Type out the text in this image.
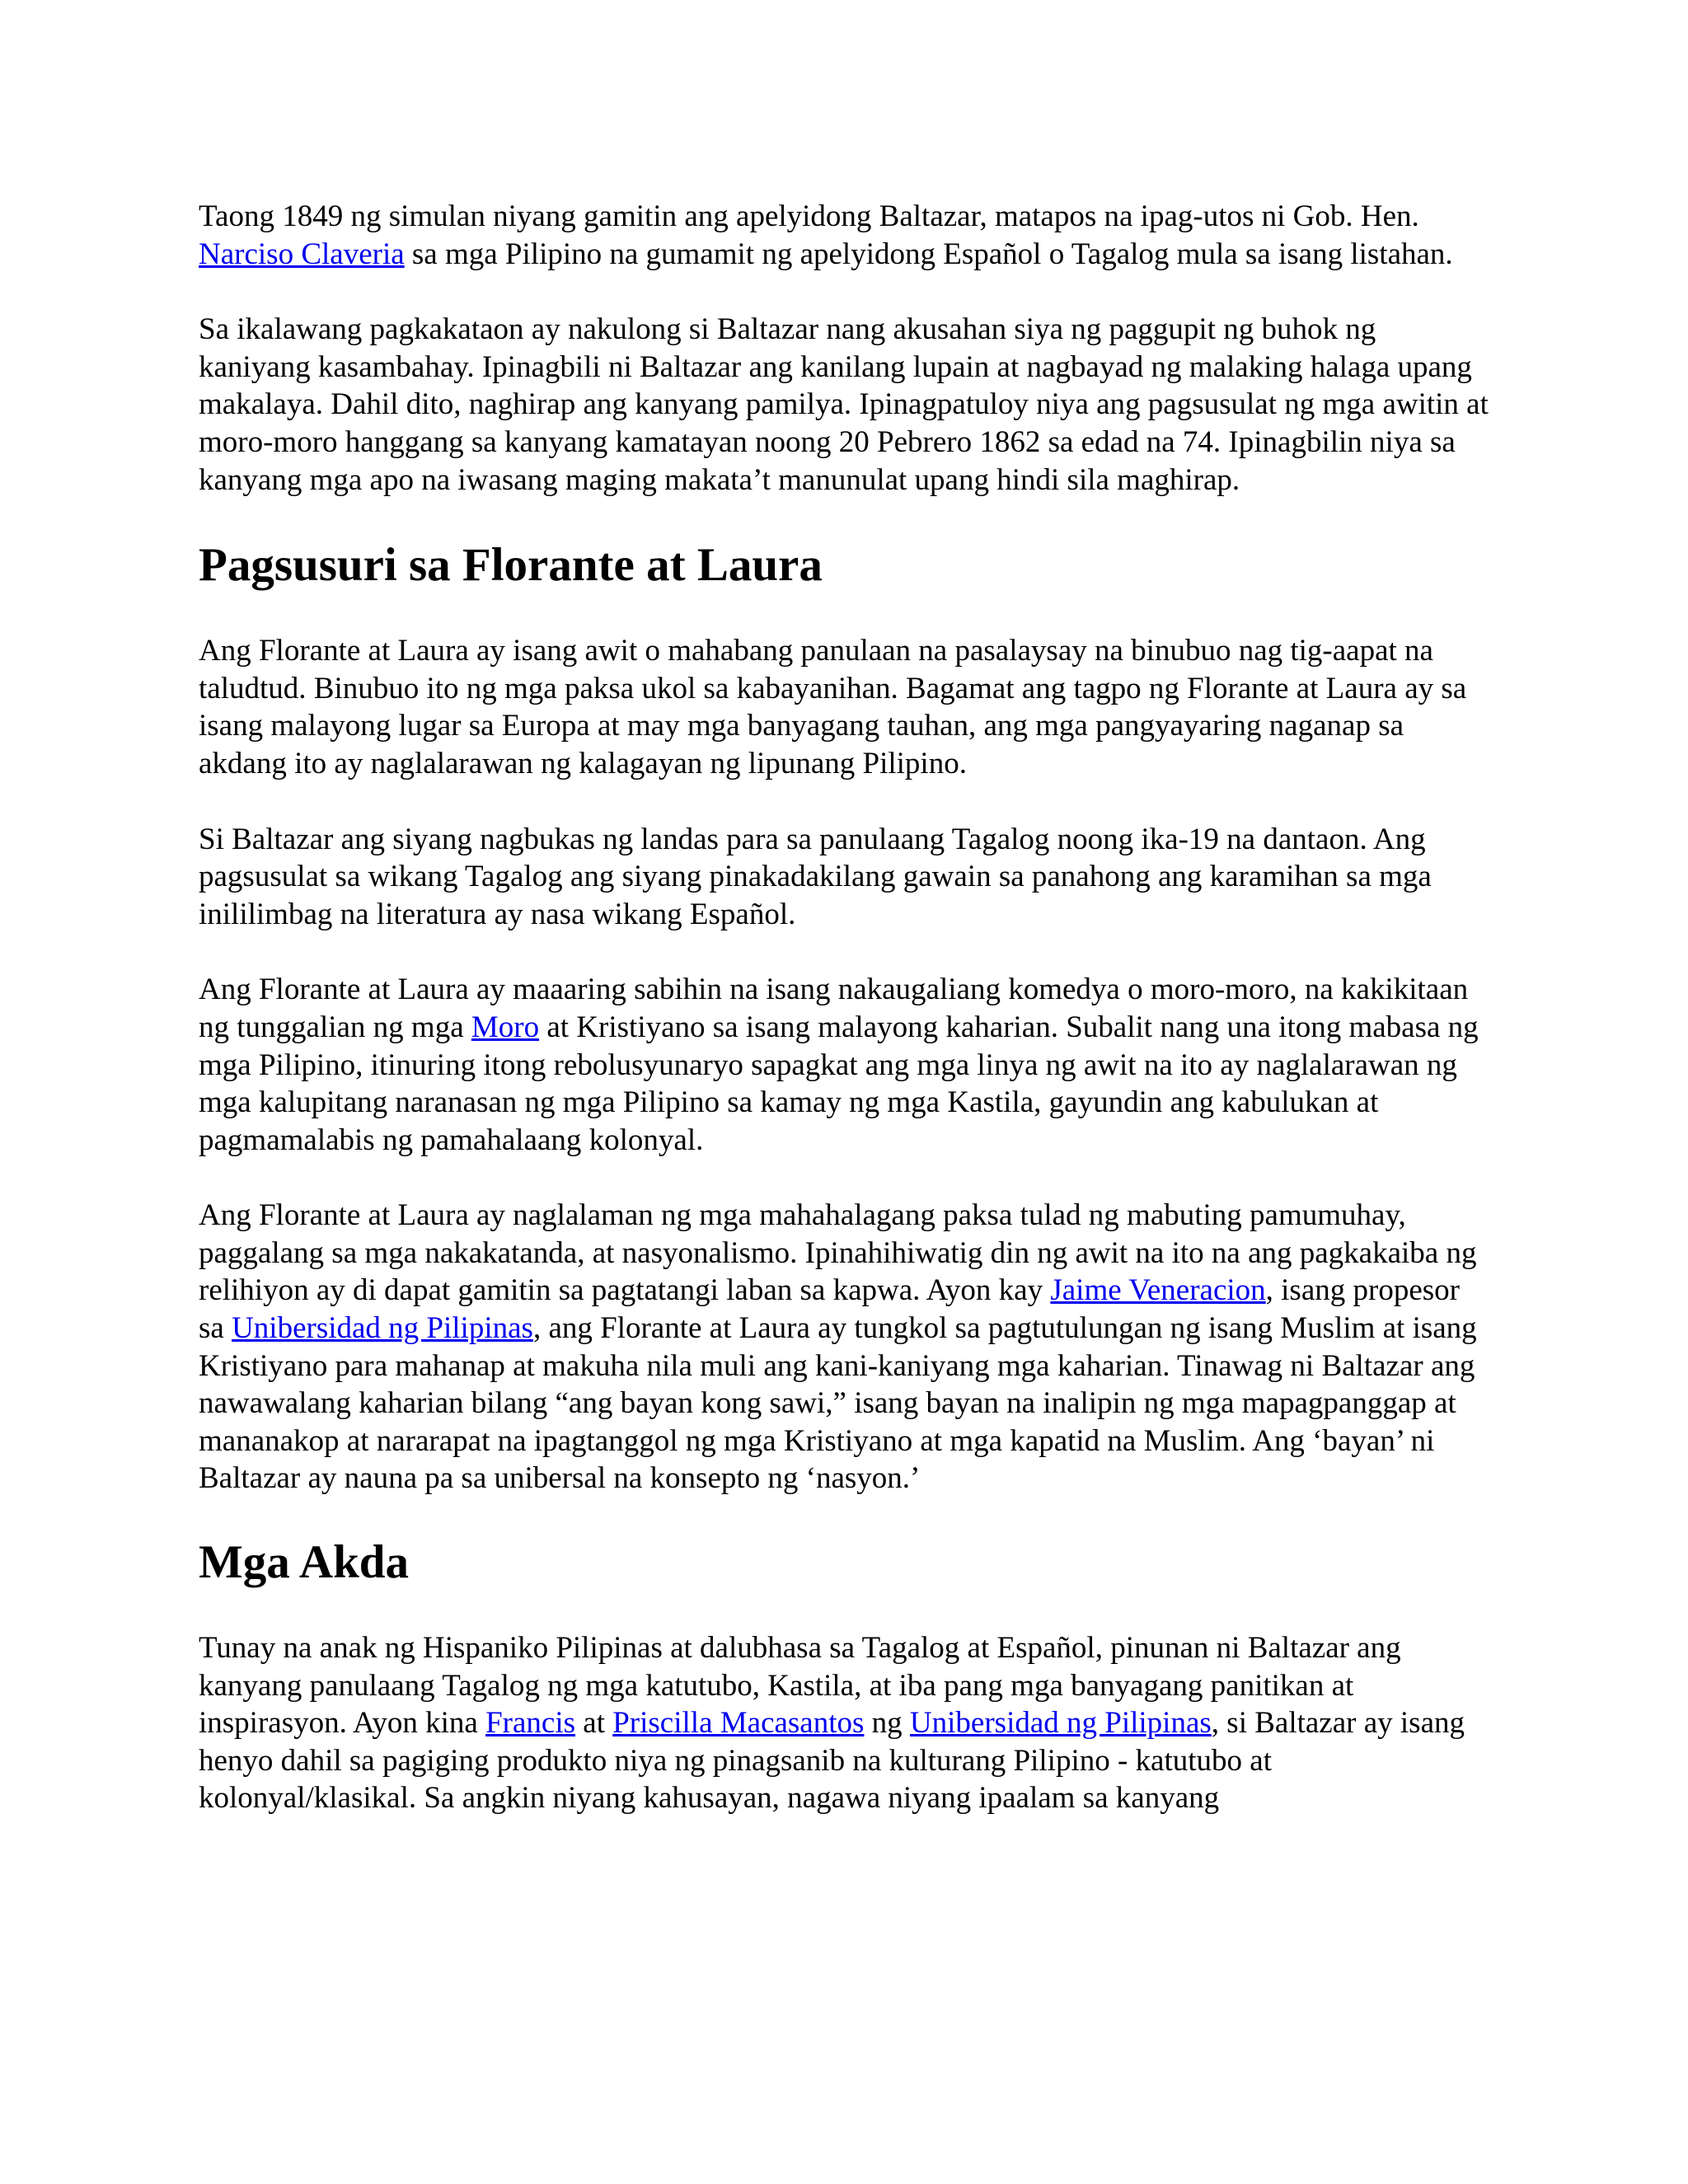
Taong 1849 ng simulan niyang gamitin ang apelyidong Baltazar, matapos na ipag-utos ni Gob. Hen. Narciso Claveria sa mga Pilipino na gumamit ng apelyidong Español o Tagalog mula sa isang listahan.

Sa ikalawang pagkakataon ay nakulong si Baltazar nang akusahan siya ng paggupit ng buhok ng kaniyang kasambahay. Ipinagbili ni Baltazar ang kanilang lupain at nagbayad ng malaking halaga upang makalaya. Dahil dito, naghirap ang kanyang pamilya. Ipinagpatuloy niya ang pagsusulat ng mga awitin at moro-moro hanggang sa kanyang kamatayan noong 20 Pebrero 1862 sa edad na 74. Ipinagbilin niya sa kanyang mga apo na iwasang maging makata’t manunulat upang hindi sila maghirap.

Pagsusuri sa Florante at Laura

Ang Florante at Laura ay isang awit o mahabang panulaan na pasalaysay na binubuo nag tig-aapat na taludtud. Binubuo ito ng mga paksa ukol sa kabayanihan. Bagamat ang tagpo ng Florante at Laura ay sa isang malayong lugar sa Europa at may mga banyagang tauhan, ang mga pangyayaring naganap sa akdang ito ay naglalarawan ng kalagayan ng lipunang Pilipino.

Si Baltazar ang siyang nagbukas ng landas para sa panulaang Tagalog noong ika-19 na dantaon. Ang pagsusulat sa wikang Tagalog ang siyang pinakadakilang gawain sa panahong ang karamihan sa mga inililimbag na literatura ay nasa wikang Español.

Ang Florante at Laura ay maaaring sabihin na isang nakaugaliang komedya o moro-moro, na kakikitaan ng tunggalian ng mga Moro at Kristiyano sa isang malayong kaharian. Subalit nang una itong mabasa ng mga Pilipino, itinuring itong rebolusyunaryo sapagkat ang mga linya ng awit na ito ay naglalarawan ng mga kalupitang naranasan ng mga Pilipino sa kamay ng mga Kastila, gayundin ang kabulukan at pagmamalabis ng pamahalaang kolonyal.

Ang Florante at Laura ay naglalaman ng mga mahahalagang paksa tulad ng mabuting pamumuhay, paggalang sa mga nakakatanda, at nasyonalismo. Ipinahihiwatig din ng awit na ito na ang pagkakaiba ng relihiyon ay di dapat gamitin sa pagtatangi laban sa kapwa. Ayon kay Jaime Veneracion, isang propesor sa Unibersidad ng Pilipinas, ang Florante at Laura ay tungkol sa pagtutulungan ng isang Muslim at isang Kristiyano para mahanap at makuha nila muli ang kani-kaniyang mga kaharian. Tinawag ni Baltazar ang nawawalang kaharian bilang “ang bayan kong sawi,” isang bayan na inalipin ng mga mapagpanggap at mananakop at nararapat na ipagtanggol ng mga Kristiyano at mga kapatid na Muslim. Ang ‘bayan’ ni Baltazar ay nauna pa sa unibersal na konsepto ng ‘nasyon.’

Mga Akda

Tunay na anak ng Hispaniko Pilipinas at dalubhasa sa Tagalog at Español, pinunan ni Baltazar ang kanyang panulaang Tagalog ng mga katutubo, Kastila, at iba pang mga banyagang panitikan at inspirasyon. Ayon kina Francis at Priscilla Macasantos ng Unibersidad ng Pilipinas, si Baltazar ay isang henyo dahil sa pagiging produkto niya ng pinagsanib na kulturang Pilipino - katutubo at kolonyal/klasikal. Sa angkin niyang kahusayan, nagawa niyang ipaalam sa kanyang
